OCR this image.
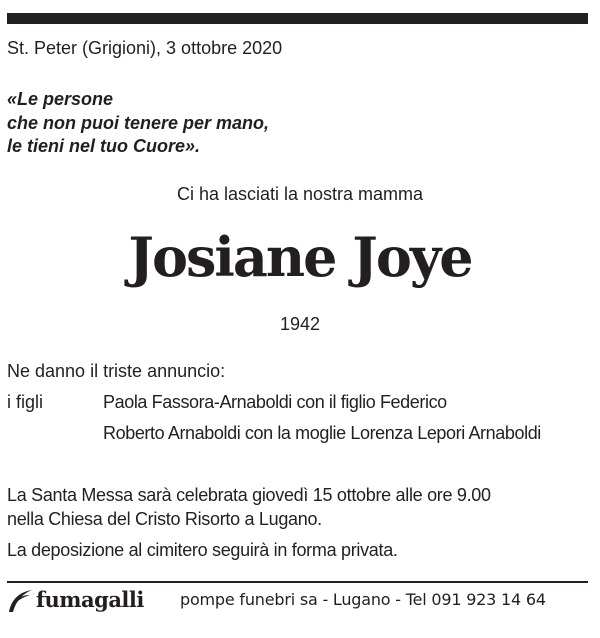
St. Peter (Grigioni), 3 ottobre 2020
«Le persone
che non puoi tenere per mano,
le tieni nel tuo Cuore».
Ci ha lasciati la nostra mamma
Josiane Joye
1942
Ne danno il triste annuncio:
i figli	Paola Fassora-Arnaboldi con il figlio Federico
Roberto Arnaboldi con la moglie Lorenza Lepori Arnaboldi
La Santa Messa sarà celebrata giovedì 15 ottobre alle ore 9.00
nella Chiesa del Cristo Risorto a Lugano.
La deposizione al cimitero seguirà in forma privata.
fumagalli pompe funebri sa - Lugano - Tel 091 923 14 64
